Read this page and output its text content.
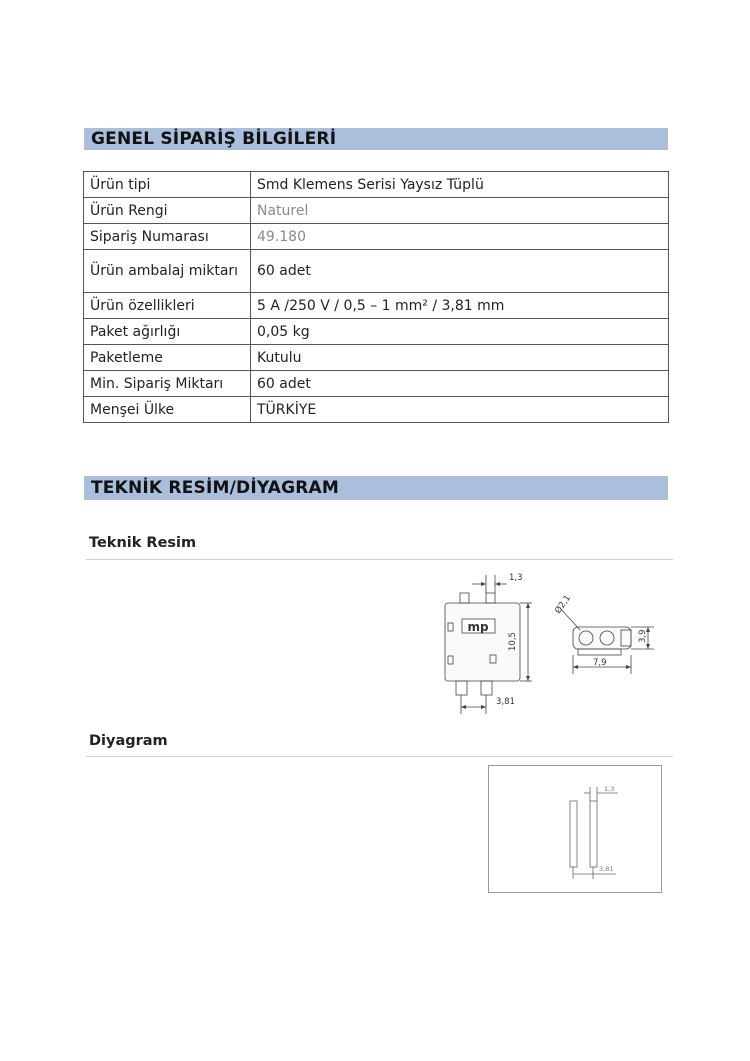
GENEL SİPARİŞ BİLGİLERİ
Ürün tipi	Smd Klemens Serisi Yaysız Tüplü
Ürün Rengi	Naturel
Sipariş Numarası	49.180
Ürün ambalaj miktarı	60 adet
Ürün özellikleri	5 A /250 V / 0,5 – 1 mm² / 3,81 mm
Paket ağırlığı	0,05 kg
Paketleme	Kutulu
Min. Sipariş Miktarı	60 adet
Menşei Ülke	TÜRKİYE
TEKNİK RESİM/DİYAGRAM
Teknik Resim
mp
1,3
10,5
3,81
Ø2,1
3,9
7,9
Diyagram
1,3
3,81
